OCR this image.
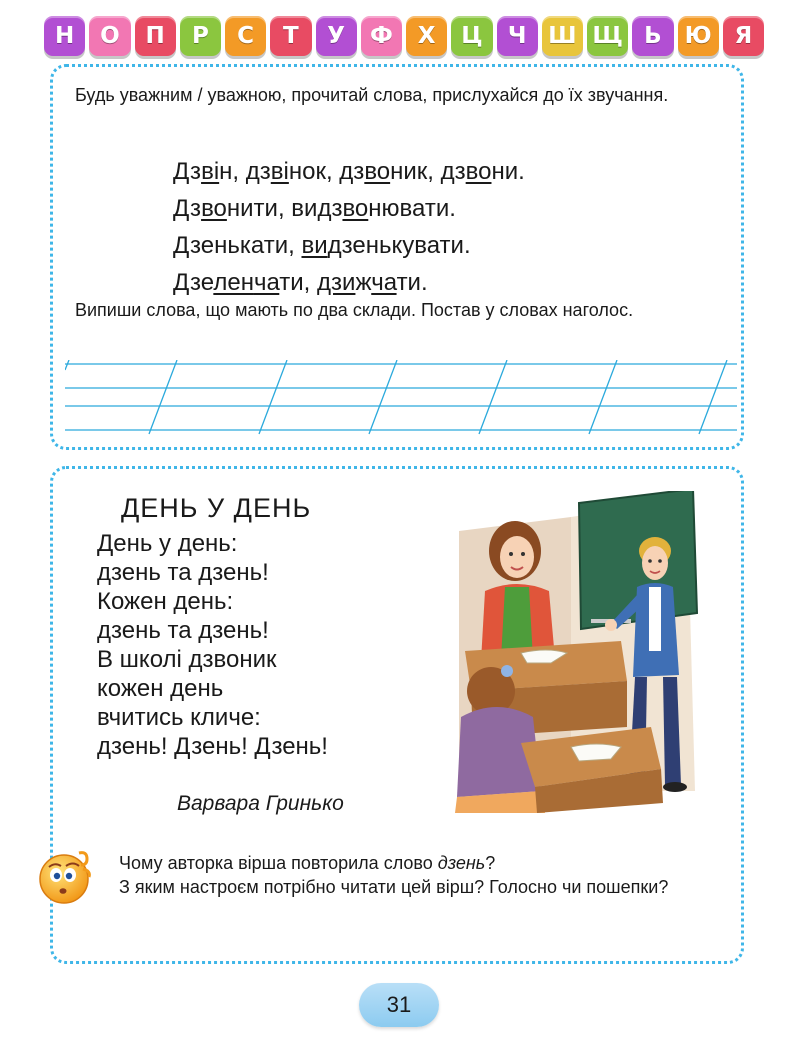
Н О П Р С Т У Ф Х Ц Ч Ш Щ Ь Ю Я
Будь уважним / уважною, прочитай слова, прислухайся до їх звучання.
Дзвін, дзвінок, дзвоник, дзвони.
Дзвонити, видзвонювати.
Дзенькати, видзенькувати.
Дзеленчати, дзижчати.
Випиши слова, що мають по два склади. Постав у словах наголос.
ДЕНЬ У ДЕНЬ
День у день:
дзень та дзень!
Кожен день:
дзень та дзень!
В школі дзвоник
кожен день
вчитись кличе:
дзень! Дзень! Дзень!
Варвара Гринько
Чому авторка вірша повторила слово дзень?
З яким настроєм потрібно читати цей вірш? Голосно чи пошепки?
31
